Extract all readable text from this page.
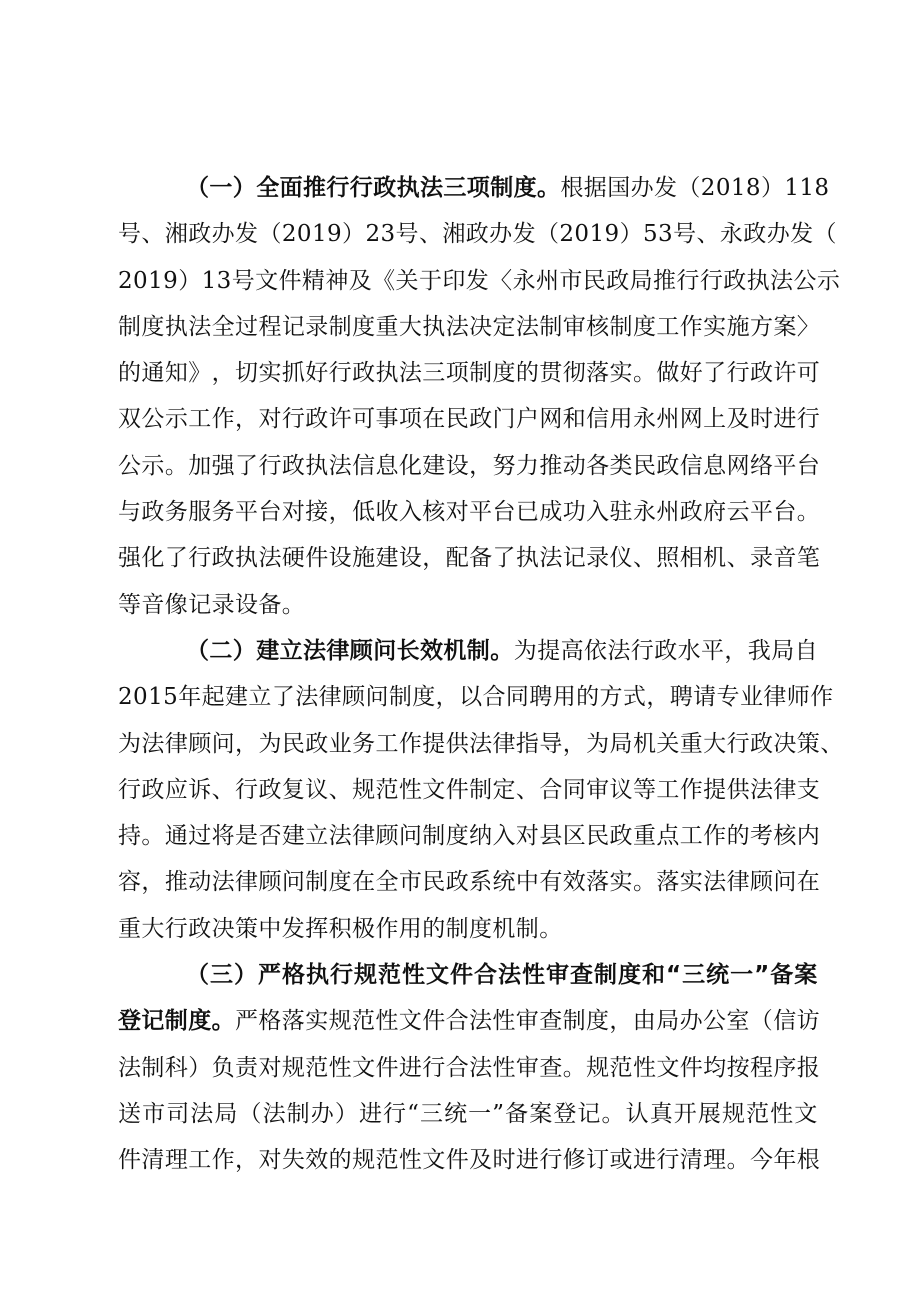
（一）全面推行行政执法三项制度。 根据国办发（2018）118
号 、 湘 政 办 发 （ 2 0 1 9 ） 2 3 号 、 湘 政 办 发 （ 2 0 1 9 ） 5 3 号 、 永 政 办 发 （
2 0 1 9 ） 1 3 号 文 件 精 神 及 《 关 于 印 发 〈 永 州 市 民 政 局 推 行 行 政 执 法 公 示
制 度 执 法 全 过 程 记 录 制 度 重 大 执 法 决 定 法 制 审 核 制 度 工 作 实 施 方 案 〉
的 通 知 》 ， 切 实 抓 好 行 政 执 法 三 项 制 度 的 贯 彻 落 实 。 做 好 了 行 政 许 可
双 公 示 工 作 ， 对 行 政 许 可 事 项 在 民 政 门 户 网 和 信 用 永 州 网 上 及 时 进 行
公 示 。 加 强 了 行 政 执 法 信 息 化 建 设 ， 努 力 推 动 各 类 民 政 信 息 网 络 平 台
与 政 务 服 务 平 台 对 接 ， 低 收 入 核 对 平 台 已 成 功 入 驻 永 州 政 府 云 平 台 。
强 化 了 行 政 执 法 硬 件 设 施 建 设 ， 配 备 了 执 法 记 录 仪 、 照 相 机 、 录 音 笔
等音像记录设备。
（二）建立法律顾问长效机制。 为提高依法行政水平，我局自
2 0 1 5 年 起 建 立 了 法 律 顾 问 制 度 ， 以 合 同 聘 用 的 方 式 ， 聘 请 专 业 律 师 作
为 法 律 顾 问 ， 为 民 政 业 务 工 作 提 供 法 律 指 导 ， 为 局 机 关 重 大 行 政 决 策 、
行 政 应 诉 、 行 政 复 议 、 规 范 性 文 件 制 定 、 合 同 审 议 等 工 作 提 供 法 律 支
持 。 通 过 将 是 否 建 立 法 律 顾 问 制 度 纳 入 对 县 区 民 政 重 点 工 作 的 考 核 内
容 ， 推 动 法 律 顾 问 制 度 在 全 市 民 政 系 统 中 有 效 落 实 。 落 实 法 律 顾 问 在
重大行政决策中发挥积极作用的制度机制。
（ 三 ） 严 格 执 行 规 范 性 文 件 合 法 性 审 查 制 度 和 “ 三 统 一 ” 备 案
登记制度。 严格落实规范性文件合法性审查制度，由局办公室（信访
法 制 科 ） 负 责 对 规 范 性 文 件 进 行 合 法 性 审 查 。 规 范 性 文 件 均 按 程 序 报
送 市 司 法 局 （ 法 制 办 ） 进 行 “ 三 统 一 ” 备 案 登 记 。 认 真 开 展 规 范 性 文
件 清 理 工 作 ， 对 失 效 的 规 范 性 文 件 及 时 进 行 修 订 或 进 行 清 理 。 今 年 根
